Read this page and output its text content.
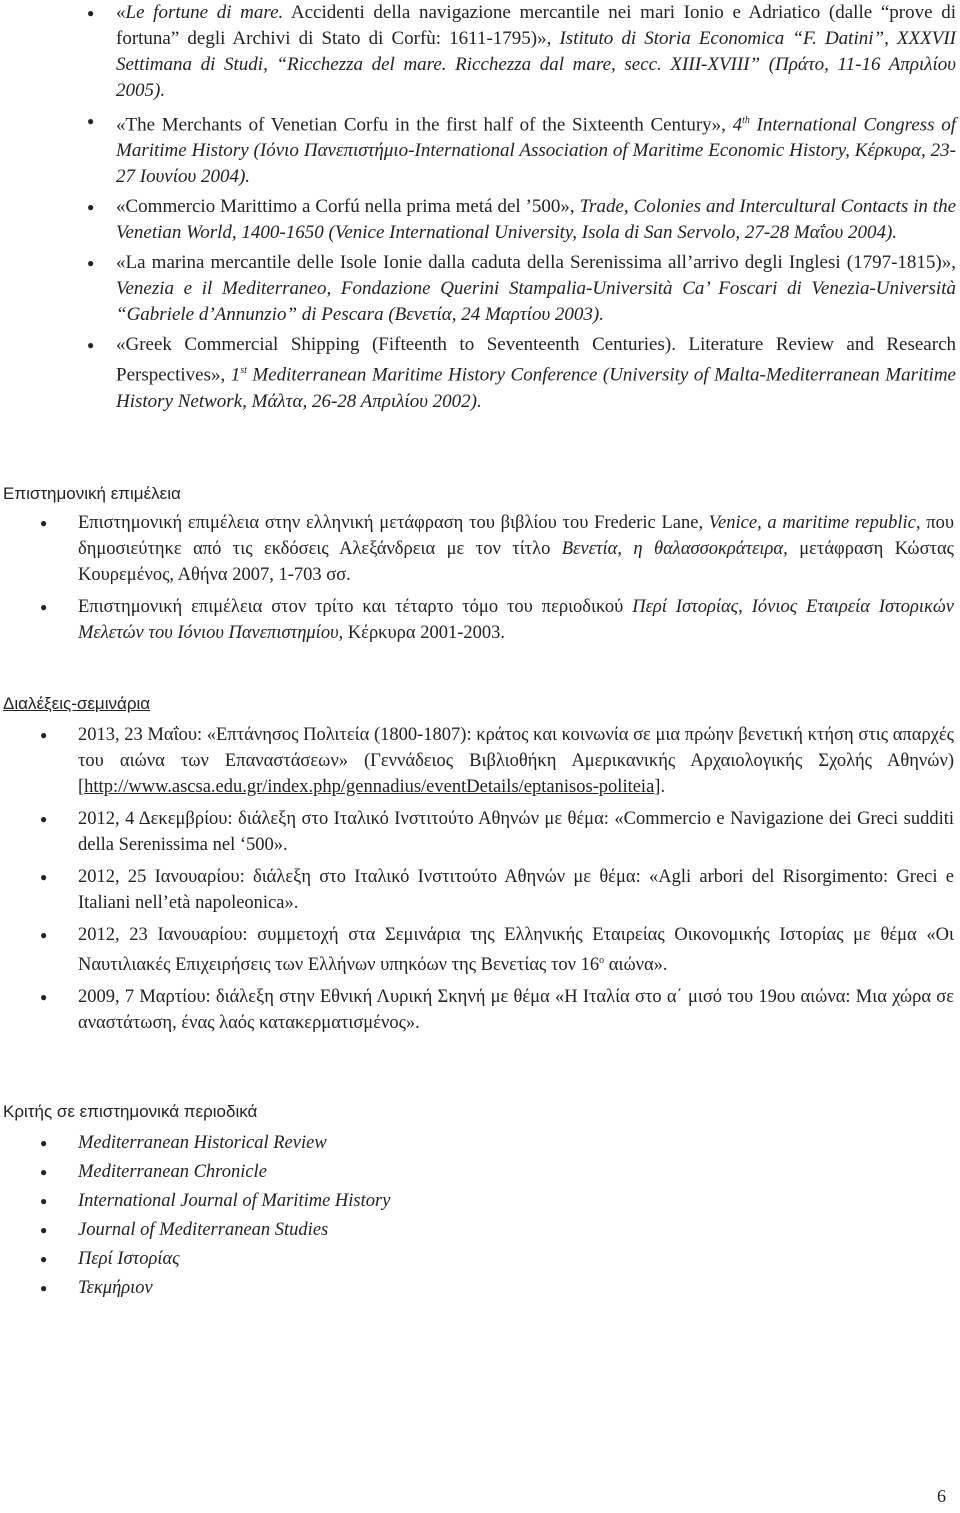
● «Le fortune di mare. Accidenti della navigazione mercantile nei mari Ionio e Adriatico (dalle “prove di fortuna” degli Archivi di Stato di Corfù: 1611-1795)», Istituto di Storia Economica “F. Datini”, XXXVII Settimana di Studi, “Ricchezza del mare. Ricchezza dal mare, secc. XIII-XVIII” (Πράτο, 11-16 Απριλίου 2005).
● «The Merchants of Venetian Corfu in the first half of the Sixteenth Century», 4th International Congress of Maritime History (Ιόνιο Πανεπιστήμιο-International Association of Maritime Economic History, Κέρκυρα, 23-27 Ιουνίου 2004).
● «Commercio Marittimo a Corfú nella prima metá del ’500», Trade, Colonies and Intercultural Contacts in the Venetian World, 1400-1650 (Venice International University, Isola di San Servolo, 27-28 Μαΐου 2004).
● «La marina mercantile delle Isole Ionie dalla caduta della Serenissima all’arrivo degli Inglesi (1797-1815)», Venezia e il Mediterraneo, Fondazione Querini Stampalia-Università Ca’ Foscari di Venezia-Università “Gabriele d’Annunzio” di Pescara (Βενετία, 24 Μαρτίου 2003).
● «Greek Commercial Shipping (Fifteenth to Seventeenth Centuries). Literature Review and Research Perspectives», 1st Mediterranean Maritime History Conference (University of Malta-Mediterranean Maritime History Network, Μάλτα, 26-28 Απριλίου 2002).
Επιστημονική επιμέλεια
● Επιστημονική επιμέλεια στην ελληνική μετάφραση του βιβλίου του Frederic Lane, Venice, a maritime republic, που δημοσιεύτηκε από τις εκδόσεις Αλεξάνδρεια με τον τίτλο Βενετία, η θαλασσοκράτειρα, μετάφραση Κώστας Κουρεμένος, Αθήνα 2007, 1-703 σσ.
● Επιστημονική επιμέλεια στον τρίτο και τέταρτο τόμο του περιοδικού Περί Ιστορίας, Ιόνιος Εταιρεία Ιστορικών Μελετών του Ιόνιου Πανεπιστημίου, Κέρκυρα 2001-2003.
Διαλέξεις-σεμινάρια
● 2013, 23 Μαΐου: «Επτάνησος Πολιτεία (1800-1807): κράτος και κοινωνία σε μια πρώην βενετική κτήση στις απαρχές του αιώνα των Επαναστάσεων» (Γεννάδειος Βιβλιοθήκη Αμερικανικής Αρχαιολογικής Σχολής Αθηνών) [http://www.ascsa.edu.gr/index.php/gennadius/eventDetails/eptanisos-politeia].
● 2012, 4 Δεκεμβρίου: διάλεξη στο Ιταλικό Ινστιτούτο Αθηνών με θέμα: «Commercio e Navigazione dei Greci sudditi della Serenissima nel ‘500».
● 2012, 25 Ιανουαρίου: διάλεξη στο Ιταλικό Ινστιτούτο Αθηνών με θέμα: «Agli arbori del Risorgimento: Greci e Italiani nell’età napoleonica».
● 2012, 23 Ιανουαρίου: συμμετοχή στα Σεμινάρια της Ελληνικής Εταιρείας Οικονομικής Ιστορίας με θέμα «Οι Ναυτιλιακές Επιχειρήσεις των Ελλήνων υπηκόων της Βενετίας τον $16^o$ αιώνα».
● 2009, 7 Μαρτίου: διάλεξη στην Εθνική Λυρική Σκηνή με θέμα «Η Ιταλία στο α΄ μισό του 19ου αιώνα: Μια χώρα σε αναστάτωση, ένας λαός κατακερματισμένος».
Κριτής σε επιστημονικά περιοδικά
● Mediterranean Historical Review
● Mediterranean Chronicle
● International Journal of Maritime History
● Journal of Mediterranean Studies
● Περί Ιστορίας
● Τεκμήριον
6
